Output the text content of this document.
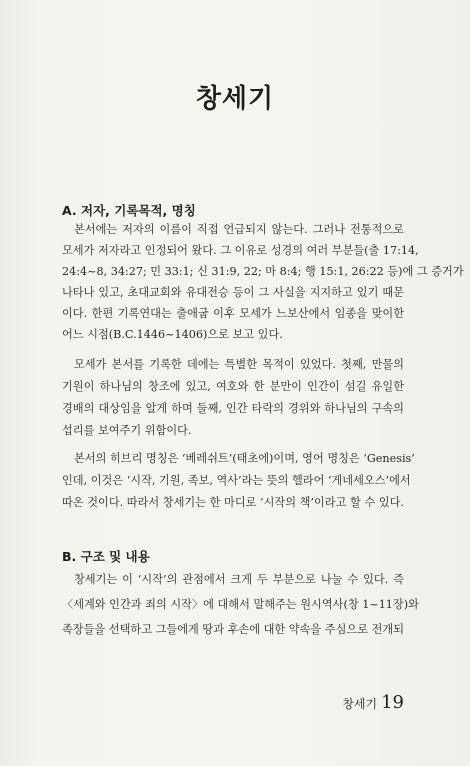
창세기
A. 저자, 기록목적, 명칭
본서에는 저자의 이름이 직접 언급되지 않는다. 그러나 전통적으로
모세가 저자라고 인정되어 왔다. 그 이유로 성경의 여러 부분들(출 17:14,
24:4~8, 34:27; 민 33:1; 신 31:9, 22; 마 8:4; 행 15:1, 26:22 등)에 그 증거가
나타나 있고, 초대교회와 유대전승 등이 그 사실을 지지하고 있기 때문
이다. 한편 기록연대는 출애굽 이후 모세가 느보산에서 임종을 맞이한
어느 시점(B.C.1446~1406)으로 보고 있다.
모세가 본서를 기록한 데에는 특별한 목적이 있었다. 첫째, 만물의
기원이 하나님의 창조에 있고, 여호와 한 분만이 인간이 섬길 유일한
경배의 대상임을 알게 하며 둘째, 인간 타락의 경위와 하나님의 구속의
섭리를 보여주기 위함이다.
본서의 히브리 명칭은 ‘베레쉬트’(태초에)이며, 영어 명칭은 ‘Genesis’
인데, 이것은 ‘시작, 기원, 족보, 역사’라는 뜻의 헬라어 ‘게네세오스’에서
따온 것이다. 따라서 창세기는 한 마디로 ‘시작의 책’이라고 할 수 있다.
B. 구조 및 내용
창세기는 이 ‘시작’의 관점에서 크게 두 부분으로 나눌 수 있다. 즉
〈세계와 인간과 죄의 시작〉에 대해서 말해주는 원시역사(창 1~11장)와
족장들을 선택하고 그들에게 땅과 후손에 대한 약속을 주심으로 전개되
창세기 19
